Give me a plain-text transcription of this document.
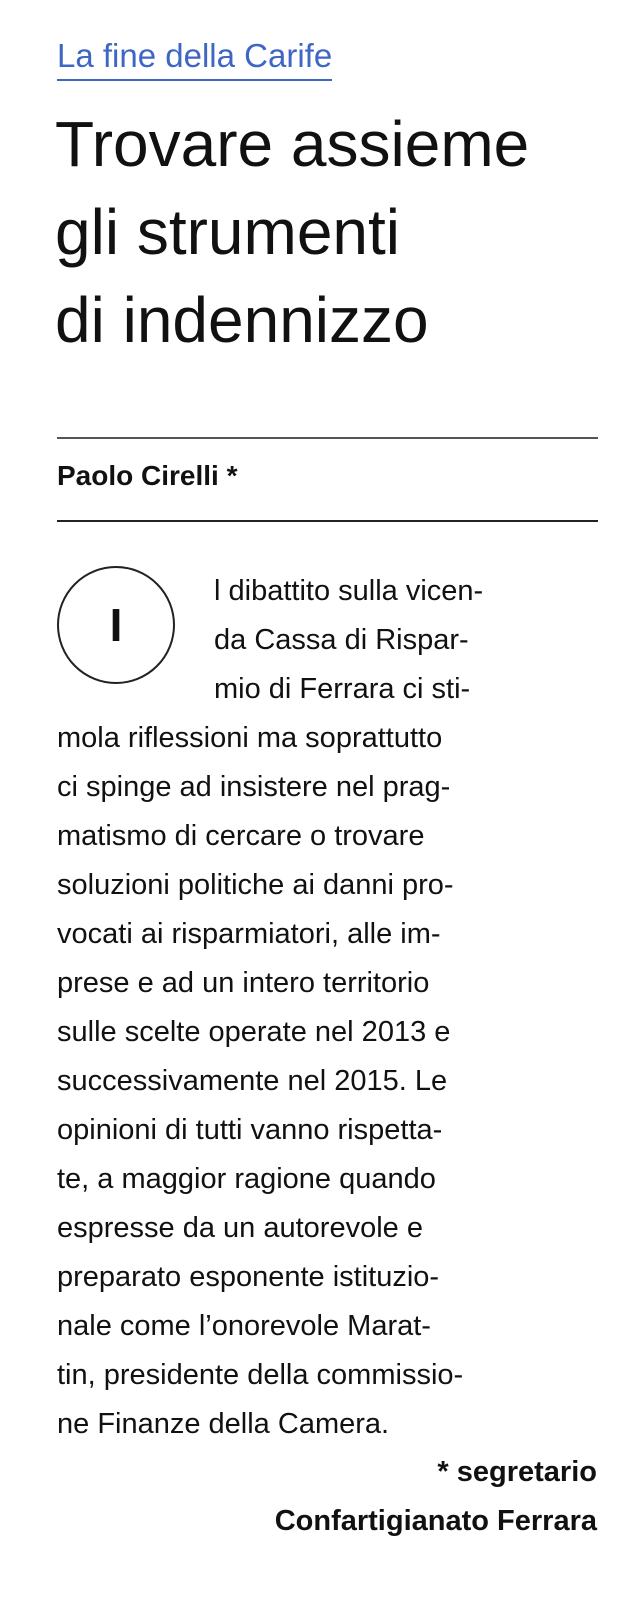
La fine della Carife
Trovare assieme
gli strumenti
di indennizzo
Paolo Cirelli *
I
l dibattito sulla vicen-
da Cassa di Rispar-
mio di Ferrara ci sti-
mola riflessioni ma soprattutto
ci spinge ad insistere nel prag-
matismo di cercare o trovare
soluzioni politiche ai danni pro-
vocati ai risparmiatori, alle im-
prese e ad un intero territorio
sulle scelte operate nel 2013 e
successivamente nel 2015. Le
opinioni di tutti vanno rispetta-
te, a maggior ragione quando
espresse da un autorevole e
preparato esponente istituzio-
nale come l’onorevole Marat-
tin, presidente della commissio-
ne Finanze della Camera.
* segretario
Confartigianato Ferrara
